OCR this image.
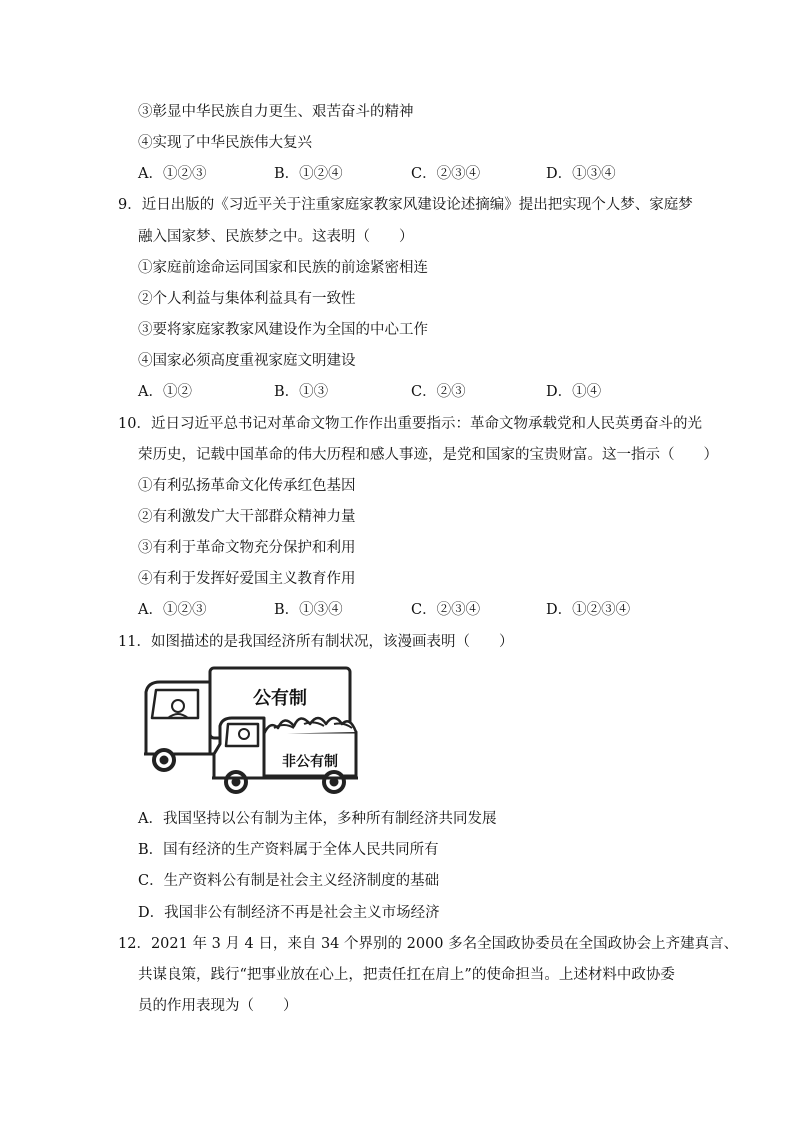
③彰显中华民族自力更生、艰苦奋斗的精神
④实现了中华民族伟大复兴
A．①②③	B．①②④	C．②③④	D．①③④
9．近日出版的《习近平关于注重家庭家教家风建设论述摘编》提出把实现个人梦、家庭梦
融入国家梦、民族梦之中。这表明（　　）
①家庭前途命运同国家和民族的前途紧密相连
②个人利益与集体利益具有一致性
③要将家庭家教家风建设作为全国的中心工作
④国家必须高度重视家庭文明建设
A．①②	B．①③	C．②③	D．①④
10．近日习近平总书记对革命文物工作作出重要指示：革命文物承载党和人民英勇奋斗的光
荣历史，记载中国革命的伟大历程和感人事迹，是党和国家的宝贵财富。这一指示（　　）
①有利弘扬革命文化传承红色基因
②有利激发广大干部群众精神力量
③有利于革命文物充分保护和利用
④有利于发挥好爱国主义教育作用
A．①②③	B．①③④	C．②③④	D．①②③④
11．如图描述的是我国经济所有制状况，该漫画表明（　　）
公有制
非公有制
A．我国坚持以公有制为主体，多种所有制经济共同发展
B．国有经济的生产资料属于全体人民共同所有
C．生产资料公有制是社会主义经济制度的基础
D．我国非公有制经济不再是社会主义市场经济
12．2021 年 3 月 4 日，来自 34 个界别的 2000 多名全国政协委员在全国政协会上齐建真言、
共谋良策，践行“把事业放在心上，把责任扛在肩上”的使命担当。上述材料中政协委
员的作用表现为（　　）
